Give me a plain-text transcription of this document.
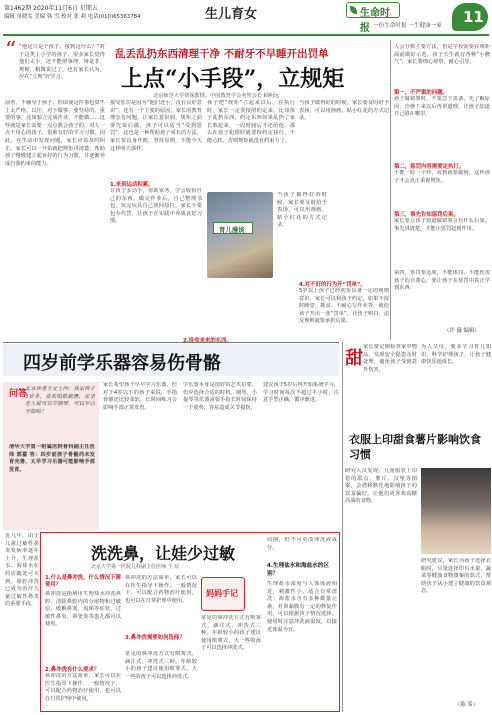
第1462期 2020年11月6日 星期五
编辑 单晓雯 美编 韩 雪 校对 张 莉 电话(010)65363784	生儿育女	生命时报 一份生命时报 一生健康一家 11
“ “他这只是个孩子，接到这什么？”对于这类上小学的孩子，很多家长觉得他们太小，还不能照事理，辩是非，规则，稍微说过了，也有家长认为，应在“立规”好学习。
乱丢乱扔东西清理干净 不耐牙不早睡开出罚单
上点“小手段”，立规矩
北京师范大学资深教授、中国教育学会名誉会长 顾明远
前者，不辅导于孩子，但即使这件事也算不上太严格。以往，对于做事，要坚持的、重要的事，比如独立完成作业、不能做……这些就是家长需要一点点教会孩子的，对人一点不用心的孩子，很难有好的学习习惯。因此，在生活中发现问题，家长应该及时纠正。家长可以一开始就把规矩讲清楚，帮助孩子慢慢建立起良好的行为习惯，并逐渐养成自我约束的能力。
接受惩罚是因为“他们还小，没有良好意识”。还有一个主要的原因，家长的教育理念有问题，让家长意识到，规矩之前要先说后做，孩子可以适当“受到惩罚”，这也是一种帮助孩子成长的方法。家长要以身作则，坚持原则，不能今天这样明天那样。
1.来到运动积累。
让孩子多动手，帮助家务，学会收拾自己的东西。做完作业后，自己整理书包，玩完玩具自己放回原位。家长不要包办代替，让孩子在实践中养成良好习惯。
2.设收来来的东西。
育儿漫谈
孩子把“规矩”立起来以后，在执行时，家长一定要按照约定来。比如孩子乱扔东西，约定东西如果乱扔了家长收起来，一段时间后才还给他，那么在孩子犯错时就要按约定执行，不能心软，否则规矩就没有约束力了。
当孩子做得好的时候，家长要及时给予表扬，可以用画画、贴小红花的方式记录。
4.对不好的行为开“罚单”。
5岁以上孩子已经初步具备一定的规则意识，家长可以和孩子约定，如果不按时睡觉、挑食、不耐心写作业等，就给孩子开出一张“罚单”，让孩子明白，违反规则就要承担后果。
当孩子做得好的时候，家长要及时给予表扬，可以用画画、贴小红花的方式记录。
人会分数主要方法，但是学校需要在规矩面前做好示范。孩子天生就有各种“小脾气”，家长要细心观察，耐心引导。
第一，不严重的问题。
孩子做错事时，不要急于责备，先了解原因，冷静下来以后再讲道理，让孩子知道自己错在哪里。
第二，惩罚内容需要定执行。
不能一时一个样，说到就要做到，这样孩子才会真正重视规矩。
第三，事先告知惩罚后果。
家长要让孩子知道做错事会有什么后果，事先讲清楚，才能让惩罚起到作用。
第四，惩罚要适度，不能体罚，不能伤害孩子的自尊心，要让孩子在惩罚中真正学到东西。
（许 薇 编辑）
四岁前学乐器容易伤骨骼
问答
北京读者王女士问：我家孩子3岁多，喜欢唱歌跳舞，家里老人说可以学钢琴，可以早点开始吗？
清华大学第一附属医院骨科副主任医师 郭嘉 答：四岁前孩子骨骼尚未发育完善，太早学习乐器可能影响手部发育。
家长希望孩子早早学习乐器，但对于4岁以下的孩子来说，手指骨骼还比较柔软，长时间练习会影响手部正常发育。
学乐器本身是很好的艺术启蒙，但应选择合适的时机。钢琴、小提琴等乐器需要手指长时间保持一个姿势，容易造成关节损伤。
建议孩子5岁后再开始系统学习，学习时间每次不超过半小时，注意手型正确，循序渐进。
甜
家长要定期检查家中物品，发现安全隐患及时处理，避免孩子受到意外伤害。
为人父母，要多学习育儿知识，科学护理孩子，让孩子健康快乐地成长。
衣服上印甜食薯片影响饮食习惯
研究人员发现，儿童服装上印着的甜点、薯片、汉堡等图案，会潜移默化地影响孩子的饮食偏好，让他们更喜欢高糖高油的食物。
研究建议，家长为孩子选择衣服时，尽量选择印有水果、蔬菜等健康食物图案的款式，帮助孩子从小建立健康的饮食观念。
（陈 希）
近几年，由于儿童过敏性鼻炎发病率逐年上升，生理盐水、海盐水在药店随处可买到。鼻腔冲洗已成为治疗儿童过敏性鼻炎的重要手段。
洗洗鼻，让娃少过敏
北京大学第一医院儿科副主任医师 王 辰
1.什么是鼻冲洗，什么情况下需要用？
鼻冲洗是指利用生理盐水冲洗鼻腔，清除鼻腔内的分泌物和过敏原，缓解鼻塞、流涕等症状，过敏性鼻炎、鼻窦炎等患儿都可以使用。
2.鼻冲洗有什么要求？
鼻冲洗的方法简单，家长可以在医生指导下操作。一般情况下，可以配合药物治疗使用，也可以在日常护理中使用。
鼻冲洗的方法简单，家长可以在医生指导下操作。一般情况下，可以配合药物治疗使用，也可以在日常护理中使用。
3.鼻冲洗需要如何选择？
常见的鼻冲洗方式有喷雾式、滴注式、冲洗式三种。年龄较小的孩子建议使用喷雾式，大一些的孩子可以选择冲洗式。
妈妈手记
常见的鼻冲洗方式有喷雾式、滴注式、冲洗式三种。年龄较小的孩子建议使用喷雾式，大一些的孩子可以选择冲洗式。
周期，但不可更改冲洗液成分。
4.生理盐水和海盐水的区别？
生理盐水浓度与人体体液相近，刺激性小，适合日常清洗；海盐水含有多种微量元素，对鼻黏膜有一定的修复作用，可以根据孩子情况选择。使用时注意冲洗液温度，以接近体温为宜。
